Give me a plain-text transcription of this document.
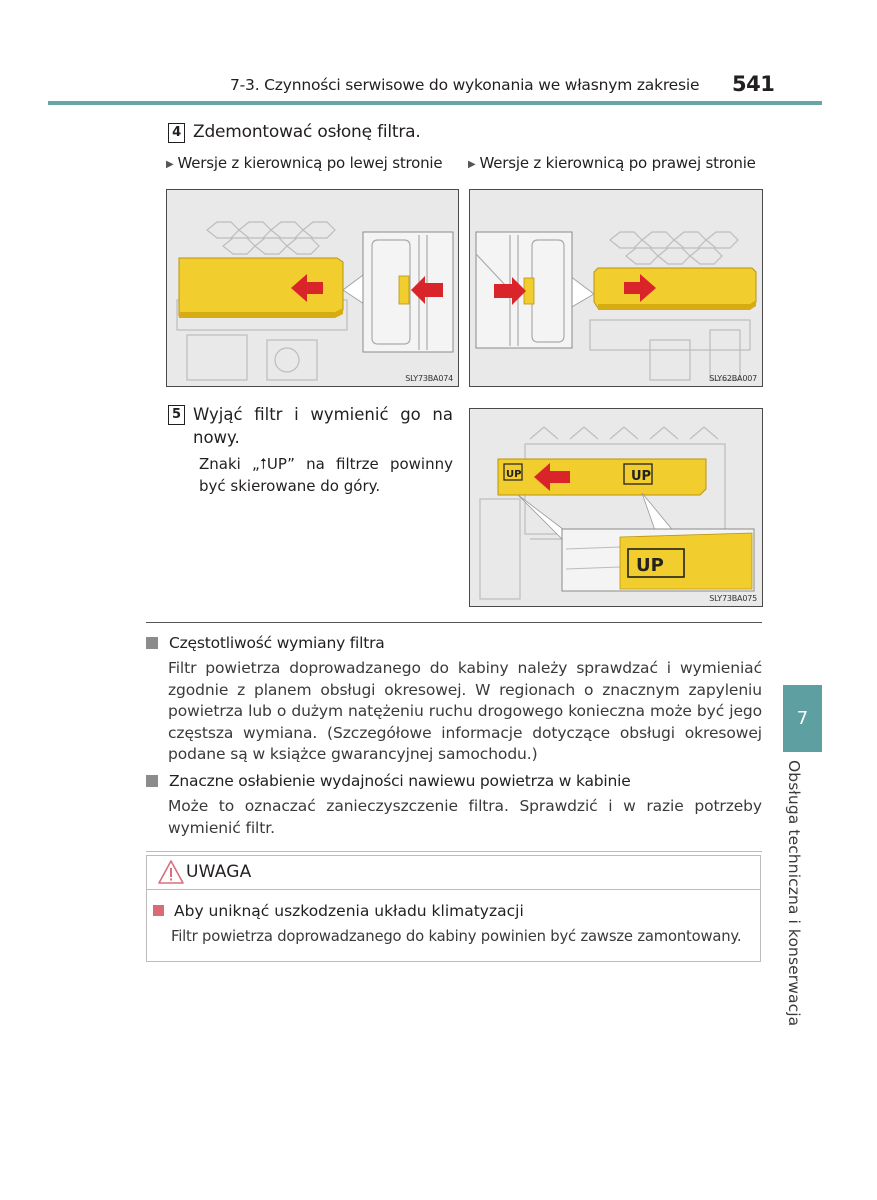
7-3. Czynności serwisowe do wykonania we własnym zakresie 541
4 Zdemontować osłonę filtra.
▶ Wersje z kierownicą po lewej stronie	▶ Wersje z kierownicą po prawej stronie
SLY73BA074	SLY62BA007
5 Wyjąć filtr i wymienić go na nowy.
Znaki „⭡UP” na filtrze powinny być skierowane do góry.
UP	UP
UP
SLY73BA075
Częstotliwość wymiany filtra
Filtr powietrza doprowadzanego do kabiny należy sprawdzać i wymieniać zgodnie z planem obsługi okresowej. W regionach o znacznym zapyleniu powietrza lub o dużym natężeniu ruchu drogowego konieczna może być jego częstsza wymiana. (Szczegółowe informacje dotyczące obsługi okresowej podane są w książce gwarancyjnej samochodu.)
Znaczne osłabienie wydajności nawiewu powietrza w kabinie
Może to oznaczać zanieczyszczenie filtra. Sprawdzić i w razie potrzeby wymienić filtr.
UWAGA
Aby uniknąć uszkodzenia układu klimatyzacji
Filtr powietrza doprowadzanego do kabiny powinien być zawsze zamontowany.
7
Obsługa techniczna i konserwacja
